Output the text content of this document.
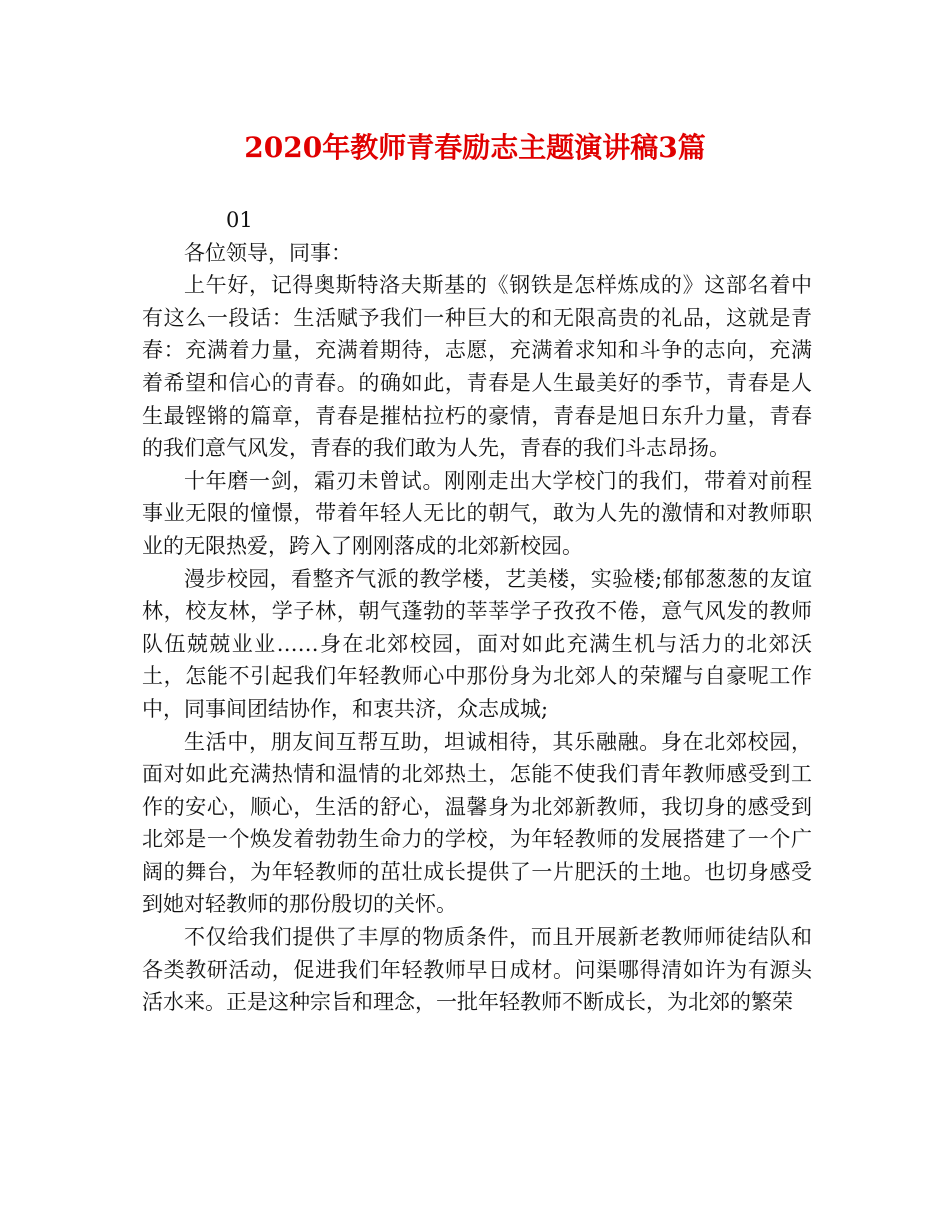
2020年教师青春励志主题演讲稿3篇

01

各位领导，同事：

上午好，记得奥斯特洛夫斯基的《钢铁是怎样炼成的》这部名着中有这么一段话：生活赋予我们一种巨大的和无限高贵的礼品，这就是青春：充满着力量，充满着期待，志愿，充满着求知和斗争的志向，充满着希望和信心的青春。的确如此，青春是人生最美好的季节，青春是人生最铿锵的篇章，青春是摧枯拉朽的豪情，青春是旭日东升力量，青春的我们意气风发，青春的我们敢为人先，青春的我们斗志昂扬。

十年磨一剑，霜刃未曾试。刚刚走出大学校门的我们，带着对前程事业无限的憧憬，带着年轻人无比的朝气，敢为人先的激情和对教师职业的无限热爱，跨入了刚刚落成的北郊新校园。

漫步校园，看整齐气派的教学楼，艺美楼，实验楼;郁郁葱葱的友谊林，校友林，学子林，朝气蓬勃的莘莘学子孜孜不倦，意气风发的教师队伍兢兢业业……身在北郊校园，面对如此充满生机与活力的北郊沃土，怎能不引起我们年轻教师心中那份身为北郊人的荣耀与自豪呢工作中，同事间团结协作，和衷共济，众志成城;

生活中，朋友间互帮互助，坦诚相待，其乐融融。身在北郊校园，面对如此充满热情和温情的北郊热土，怎能不使我们青年教师感受到工作的安心，顺心，生活的舒心，温馨身为北郊新教师，我切身的感受到北郊是一个焕发着勃勃生命力的学校，为年轻教师的发展搭建了一个广阔的舞台，为年轻教师的茁壮成长提供了一片肥沃的土地。也切身感受到她对轻教师的那份殷切的关怀。

不仅给我们提供了丰厚的物质条件，而且开展新老教师师徒结队和各类教研活动，促进我们年轻教师早日成材。问渠哪得清如许为有源头活水来。正是这种宗旨和理念，一批年轻教师不断成长，为北郊的繁荣
